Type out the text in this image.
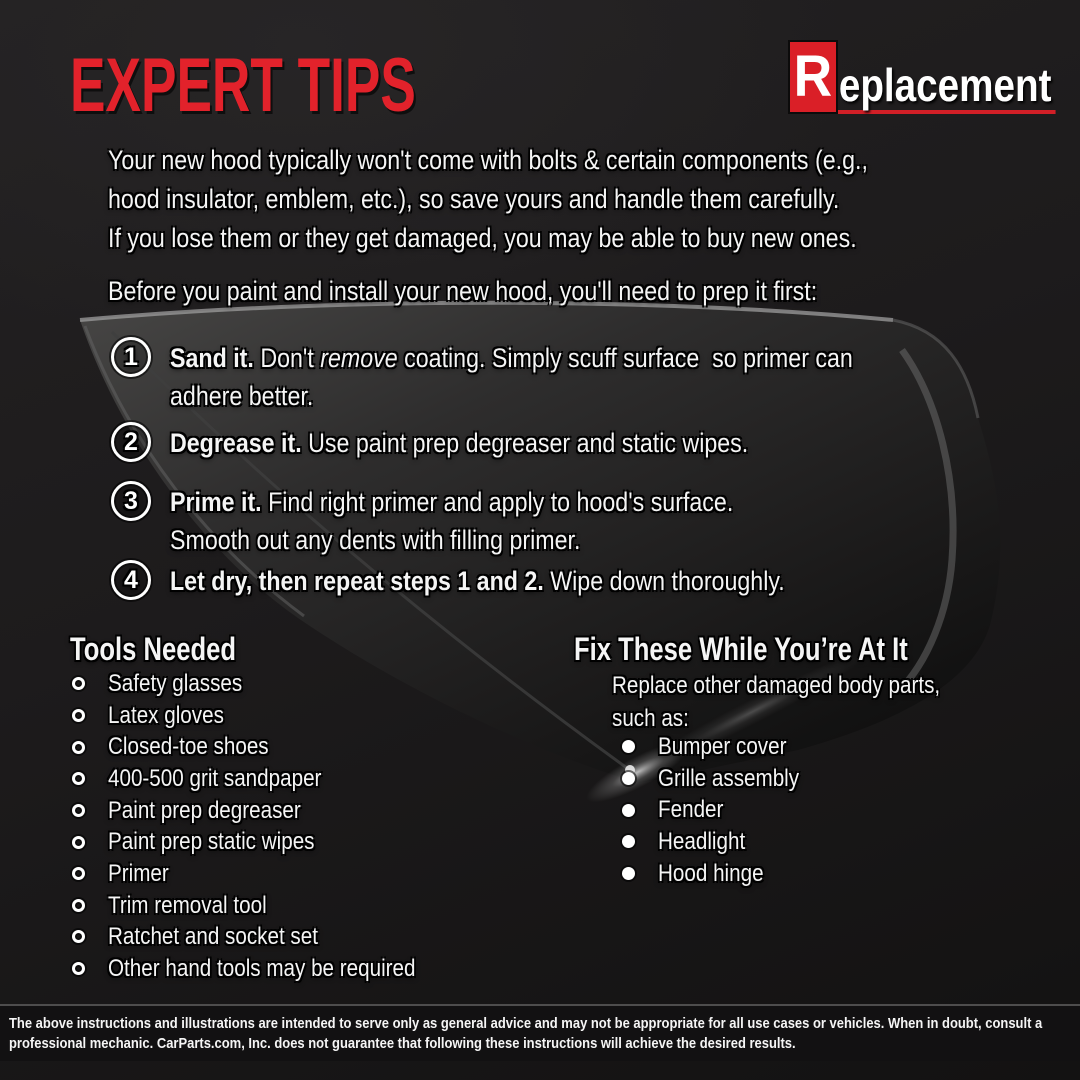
EXPERT TIPS	R eplacement
Your new hood typically won't come with bolts & certain components (e.g.,
hood insulator, emblem, etc.), so save yours and handle them carefully.
If you lose them or they get damaged, you may be able to buy new ones.
Before you paint and install your new hood, you'll need to prep it first:
1	Sand it. Don't remove coating. Simply scuff surface  so primer can
adhere better.
2	Degrease it. Use paint prep degreaser and static wipes.
3	Prime it. Find right primer and apply to hood's surface.
Smooth out any dents with filling primer.
4	Let dry, then repeat steps 1 and 2. Wipe down thoroughly.
Tools Needed
Safety glasses
Latex gloves
Closed-toe shoes
400-500 grit sandpaper
Paint prep degreaser
Paint prep static wipes
Primer
Trim removal tool
Ratchet and socket set
Other hand tools may be required
Fix These While You’re At It
Replace other damaged body parts,
such as:
Bumper cover
Grille assembly
Fender
Headlight
Hood hinge
The above instructions and illustrations are intended to serve only as general advice and may not be appropriate for all use cases or vehicles. When in doubt, consult a
professional mechanic. CarParts.com, Inc. does not guarantee that following these instructions will achieve the desired results.
